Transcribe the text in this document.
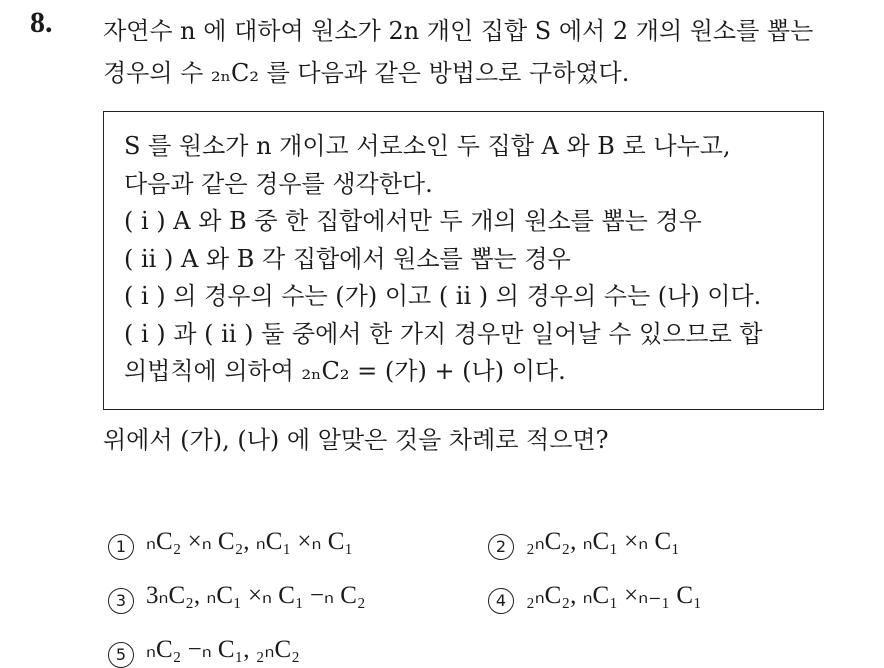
8. 자연수 n 에 대하여 원소가 2n 개인 집합 S 에서 2 개의 원소를 뽑는
경우의 수 ₂ₙC₂ 를 다음과 같은 방법으로 구하였다.
S 를 원소가 n 개이고 서로소인 두 집합 A 와 B 로 나누고,
다음과 같은 경우를 생각한다.
( i ) A 와 B 중 한 집합에서만 두 개의 원소를 뽑는 경우
( ii ) A 와 B 각 집합에서 원소를 뽑는 경우
( i ) 의 경우의 수는 (가) 이고 ( ii ) 의 경우의 수는 (나) 이다.
( i ) 과 ( ii ) 둘 중에서 한 가지 경우만 일어날 수 있으므로 합
의법칙에 의하여 ₂ₙC₂ = (가) + (나) 이다.
위에서 (가), (나) 에 알맞은 것을 차례로 적으면?
1 ₙC₂ ×ₙ C₂, ₙC₁ ×ₙ C₁	2 ₂ₙC₂, ₙC₁ ×ₙ C₁
3 3ₙC₂, ₙC₁ ×ₙ C₁ −ₙ C₂	4 ₂ₙC₂, ₙC₁ ×ₙ₋₁ C₁
5 ₙC₂ −ₙ C₁, ₂ₙC₂
